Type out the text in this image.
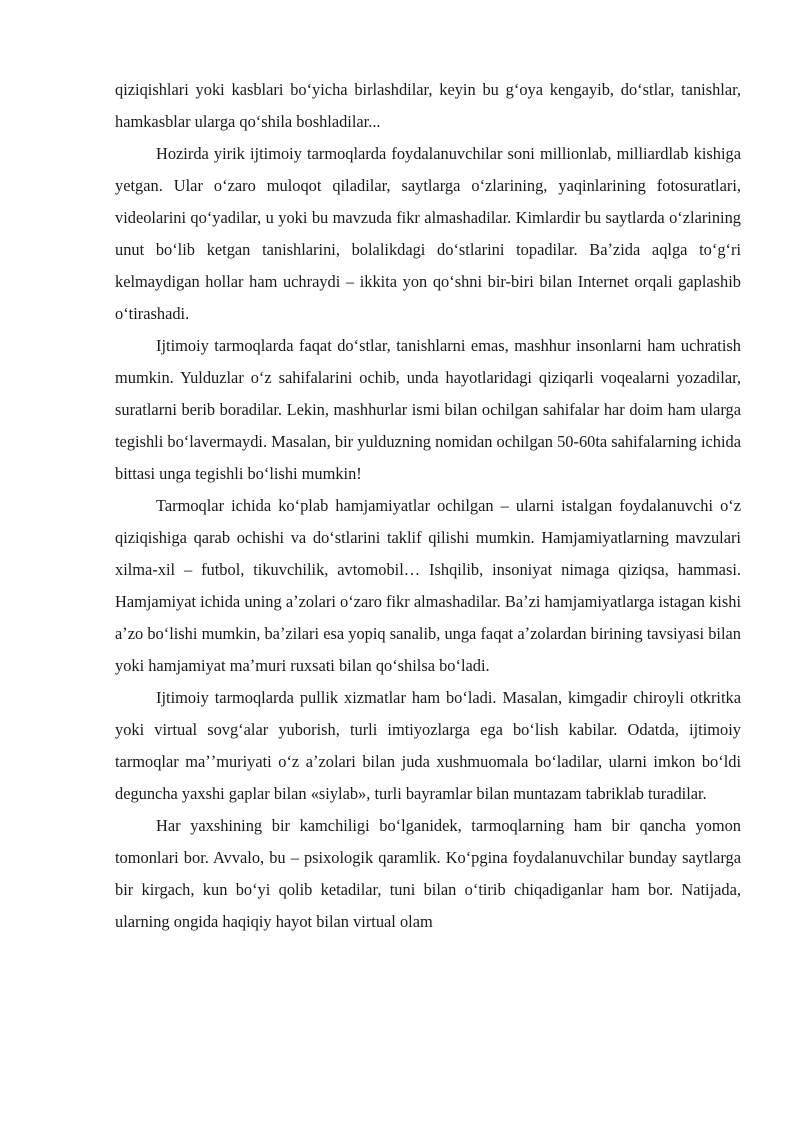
qiziqishlari yoki kasblari boʻyicha birlashdilar, keyin bu gʻoya kengayib, doʻstlar, tanishlar, hamkasblar ularga qoʻshila boshladilar...

Hozirda yirik ijtimoiy tarmoqlarda foydalanuvchilar soni millionlab, milliardlab kishiga yetgan. Ular oʻzaro muloqot qiladilar, saytlarga oʻzlarining, yaqinlarining fotosuratlari, videolarini qoʻyadilar, u yoki bu mavzuda fikr almashadilar. Kimlardir bu saytlarda oʻzlarining unut boʻlib ketgan tanishlarini, bolalikdagi doʻstlarini topadilar. Baʼzida aqlga toʻgʻri kelmaydigan hollar ham uchraydi – ikkita yon qoʻshni bir-biri bilan Internet orqali gaplashib oʻtirashadi.

Ijtimoiy tarmoqlarda faqat doʻstlar, tanishlarni emas, mashhur insonlarni ham uchratish mumkin. Yulduzlar oʻz sahifalarini ochib, unda hayotlaridagi qiziqarli voqealarni yozadilar, suratlarni berib boradilar. Lekin, mashhurlar ismi bilan ochilgan sahifalar har doim ham ularga tegishli boʻlavermaydi. Masalan, bir yulduzning nomidan ochilgan 50-60ta sahifalarning ichida bittasi unga tegishli boʻlishi mumkin!

Tarmoqlar ichida koʻplab hamjamiyatlar ochilgan – ularni istalgan foydalanuvchi oʻz qiziqishiga qarab ochishi va doʻstlarini taklif qilishi mumkin. Hamjamiyatlarning mavzulari xilma-xil – futbol, tikuvchilik, avtomobil… Ishqilib, insoniyat nimaga qiziqsa, hammasi. Hamjamiyat ichida uning aʼzolari oʻzaro fikr almashadilar. Baʼzi hamjamiyatlarga istagan kishi aʼzo boʻlishi mumkin, baʼzilari esa yopiq sanalib, unga faqat aʼzolardan birining tavsiyasi bilan yoki hamjamiyat maʼmuri ruxsati bilan qoʻshilsa boʻladi.

Ijtimoiy tarmoqlarda pullik xizmatlar ham boʻladi. Masalan, kimgadir chiroyli otkritka yoki virtual sovgʻalar yuborish, turli imtiyozlarga ega boʻlish kabilar. Odatda, ijtimoiy tarmoqlar maʼʼmuriyati oʻz aʼzolari bilan juda xushmuomala boʻladilar, ularni imkon boʻldi deguncha yaxshi gaplar bilan «siylab», turli bayramlar bilan muntazam tabriklab turadilar.

Har yaxshining bir kamchiligi boʻlganidek, tarmoqlarning ham bir qancha yomon tomonlari bor. Avvalo, bu – psixologik qaramlik. Koʻpgina foydalanuvchilar bunday saytlarga bir kirgach, kun boʻyi qolib ketadilar, tuni bilan oʻtirib chiqadiganlar ham bor. Natijada, ularning ongida haqiqiy hayot bilan virtual olam
